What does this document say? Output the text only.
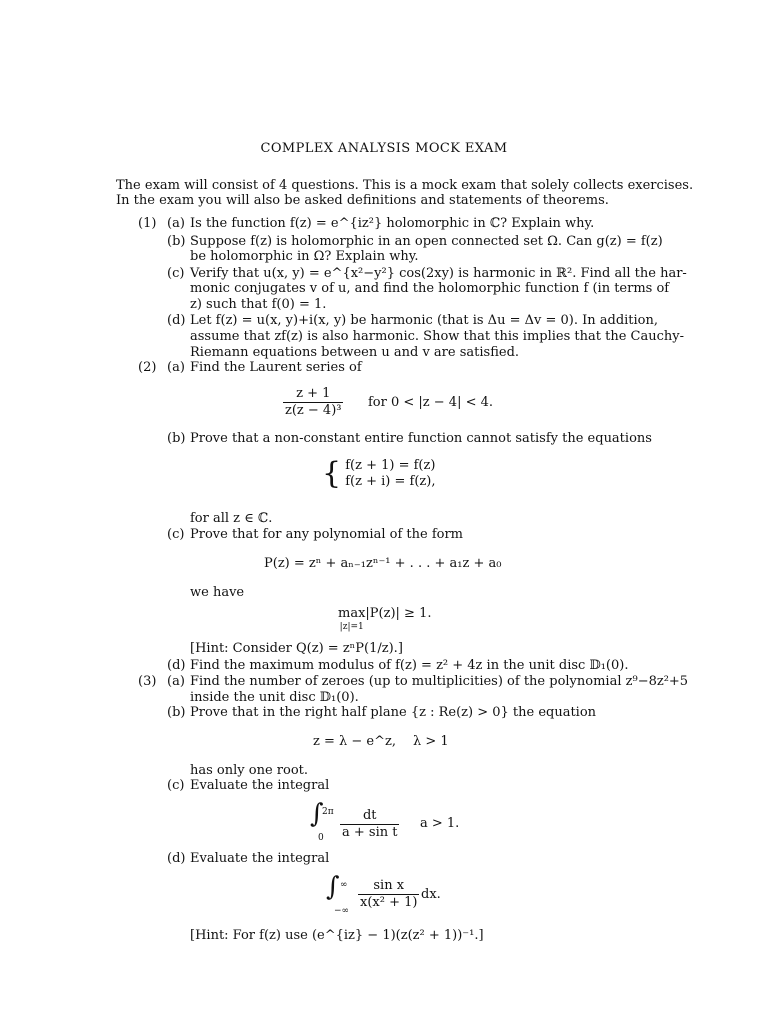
COMPLEX ANALYSIS MOCK EXAM
The exam will consist of 4 questions. This is a mock exam that solely collects exercises.
In the exam you will also be asked definitions and statements of theorems.
(1) (a) Is the function f(z) = e^{iz²} holomorphic in ℂ? Explain why.
(b) Suppose f(z) is holomorphic in an open connected set Ω. Can g(z) = f(z)
be holomorphic in Ω? Explain why.
(c) Verify that u(x, y) = e^{x²−y²} cos(2xy) is harmonic in ℝ². Find all the har-
monic conjugates v of u, and find the holomorphic function f (in terms of
z) such that f(0) = 1.
(d) Let f(z) = u(x, y)+i(x, y) be harmonic (that is Δu = Δv = 0). In addition,
assume that zf(z) is also harmonic. Show that this implies that the Cauchy-
Riemann equations between u and v are satisfied.
(2) (a) Find the Laurent series of
$\frac{z + 1}{\text{z(z − 4)³}}$ for 0 < |z − 4| < 4.
(b) Prove that a non-constant entire function cannot satisfy the equations
{ f(z + 1) = f(z)
f(z + i) = f(z),
for all z ∈ ℂ.
(c) Prove that for any polynomial of the form
P(z) = zⁿ + aₙ₋₁zⁿ⁻¹ + . . . + a₁z + a₀
we have
max
|z|=1
|P(z)| ≥ 1.
[Hint: Consider Q(z) = zⁿP(1/z).]
(d) Find the maximum modulus of f(z) = z² + 4z in the unit disc 𝔻₁(0).
(3) (a) Find the number of zeroes (up to multiplicities) of the polynomial z⁹−8z²+5
inside the unit disc 𝔻₁(0).
(b) Prove that in the right half plane {z : Re(z) > 0} the equation
z = λ − e^z, λ > 1
has only one root.
(c) Evaluate the integral
∫
2π
$0 \frac{dt}{\text{a + sin t}}$ a > 1.
(d) Evaluate the integral
∫ ∞
−∞ $\frac{\text{sin x}}{\text{x(x² + 1)}}$ dx.
[Hint: For f(z) use (e^{iz} − 1)(z(z² + 1))⁻¹.]
